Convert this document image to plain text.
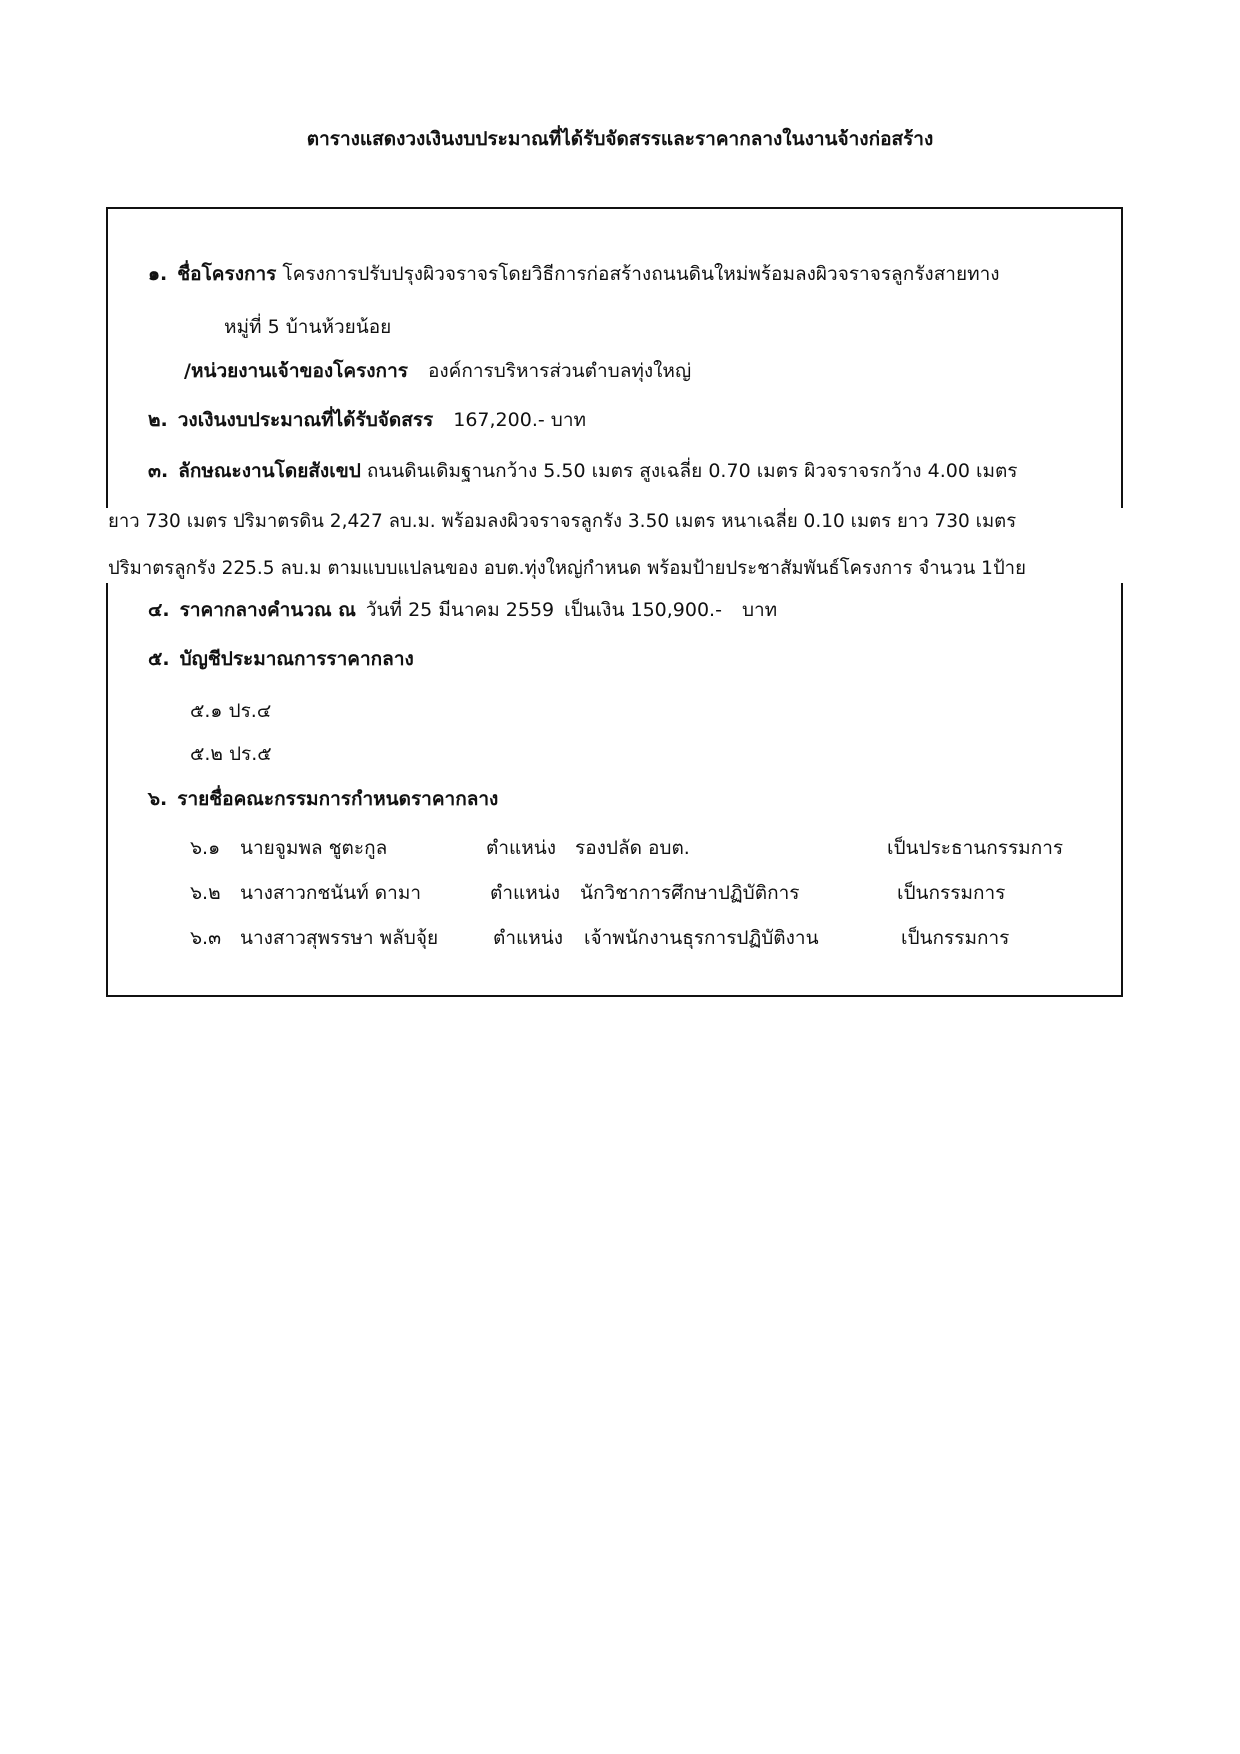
ตารางแสดงวงเงินงบประมาณที่ได้รับจัดสรรและราคากลางในงานจ้างก่อสร้าง
๑. ชื่อโครงการ โครงการปรับปรุงผิวจราจรโดยวิธีการก่อสร้างถนนดินใหม่พร้อมลงผิวจราจรลูกรังสายทาง
หมู่ที่ 5 บ้านห้วยน้อย
/หน่วยงานเจ้าของโครงการ องค์การบริหารส่วนตำบลทุ่งใหญ่
๒. วงเงินงบประมาณที่ได้รับจัดสรร 167,200.- บาท
๓. ลักษณะงานโดยสังเขป ถนนดินเดิมฐานกว้าง 5.50 เมตร สูงเฉลี่ย 0.70 เมตร ผิวจราจรกว้าง 4.00 เมตร
ยาว 730 เมตร ปริมาตรดิน 2,427 ลบ.ม. พร้อมลงผิวจราจรลูกรัง 3.50 เมตร หนาเฉลี่ย 0.10 เมตร ยาว 730 เมตร
ปริมาตรลูกรัง 225.5 ลบ.ม ตามแบบแปลนของ อบต.ทุ่งใหญ่กำหนด พร้อมป้ายประชาสัมพันธ์โครงการ จำนวน 1ป้าย
๔. ราคากลางคำนวณ ณ วันที่ 25 มีนาคม 2559 เป็นเงิน 150,900.- บาท
๕. บัญชีประมาณการราคากลาง
๕.๑ ปร.๔
๕.๒ ปร.๕
๖. รายชื่อคณะกรรมการกำหนดราคากลาง
๖.๑ นายจูมพล ชูตะกูล	ตำแหน่ง รองปลัด อบต.	เป็นประธานกรรมการ
๖.๒ นางสาวกชนันท์ ดามา	ตำแหน่ง นักวิชาการศึกษาปฏิบัติการ	เป็นกรรมการ
๖.๓ นางสาวสุพรรษา พลับจุ้ย	ตำแหน่ง เจ้าพนักงานธุรการปฏิบัติงาน	เป็นกรรมการ
